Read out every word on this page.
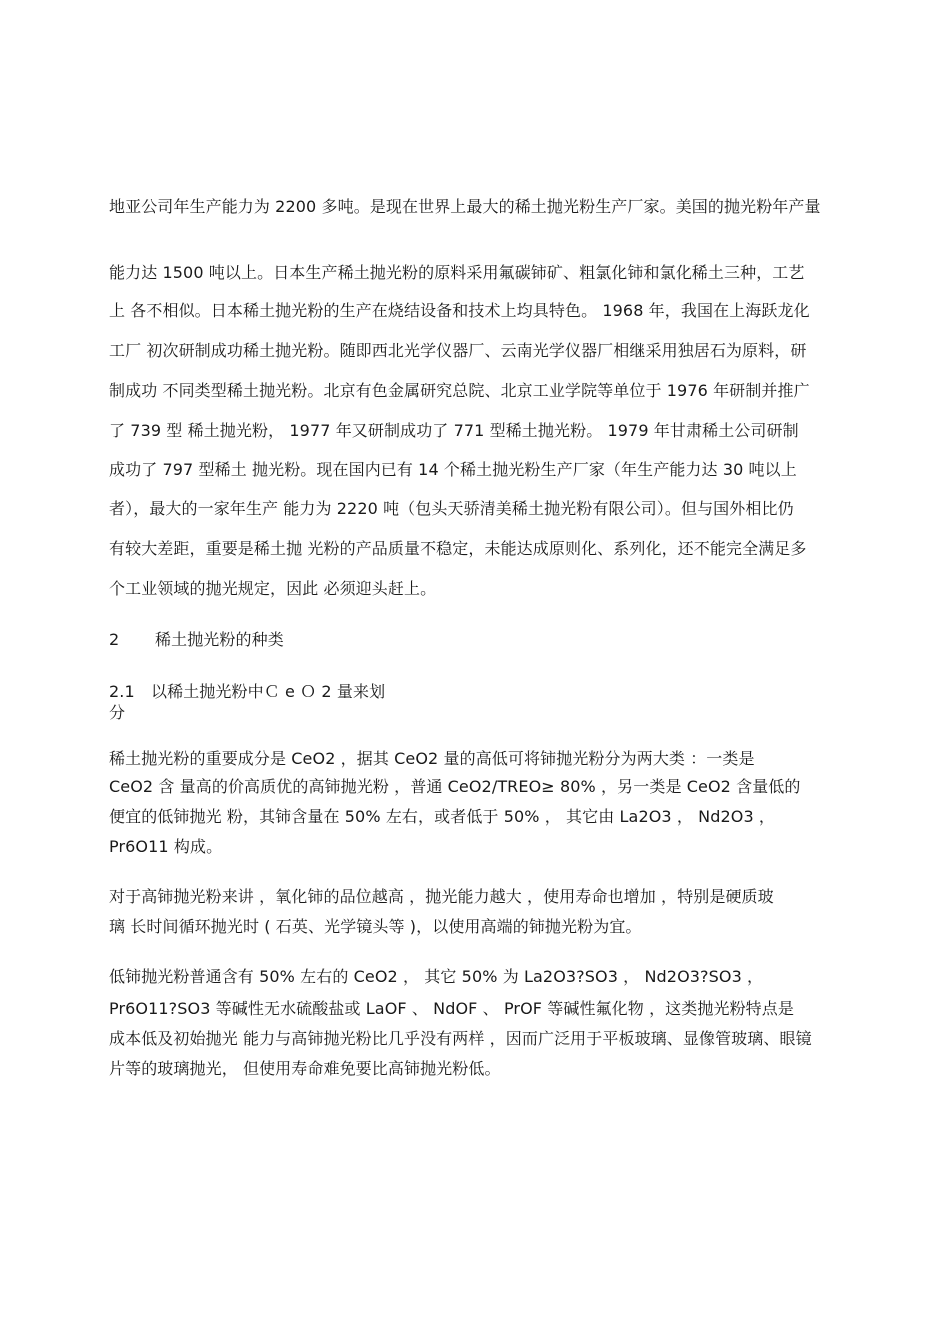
地亚公司年生产能力为 2200 多吨。是现在世界上最大的稀土抛光粉生产厂家。美国的抛光粉年产量
能力达 1500 吨以上。日本生产稀土抛光粉的原料采用氟碳铈矿、粗氯化铈和氯化稀土三种，工艺
上 各不相似。日本稀土抛光粉的生产在烧结设备和技术上均具特色。 1968 年，我国在上海跃龙化
工厂 初次研制成功稀土抛光粉。随即西北光学仪器厂、云南光学仪器厂相继采用独居石为原料，研
制成功 不同类型稀土抛光粉。北京有色金属研究总院、北京工业学院等单位于 1976 年研制并推广
了 739 型 稀土抛光粉， 1977 年又研制成功了 771 型稀土抛光粉。 1979 年甘肃稀土公司研制
成功了 797 型稀土 抛光粉。现在国内已有 14 个稀土抛光粉生产厂家（年生产能力达 30 吨以上
者），最大的一家年生产 能力为 2220 吨（包头天骄清美稀土抛光粉有限公司）。但与国外相比仍
有较大差距，重要是稀土抛 光粉的产品质量不稳定，未能达成原则化、系列化，还不能完全满足多
个工业领域的抛光规定，因此 必须迎头赶上。
2 稀土抛光粉的种类
2.1 以稀土抛光粉中Ｃ e Ｏ 2 量来划
分
稀土抛光粉的重要成分是 CeO2 ，据其 CeO2 量的高低可将铈抛光粉分为两大类 ：一类是
CeO2 含 量高的价高质优的高铈抛光粉 ，普通 CeO2/TREO≥ 80% ，另一类是 CeO2 含量低的
便宜的低铈抛光 粉，其铈含量在 50% 左右，或者低于 50% ， 其它由 La2O3 ， Nd2O3 ，
Pr6O11 构成。
对于高铈抛光粉来讲 ，氧化铈的品位越高 ，抛光能力越大 ，使用寿命也增加 ，特别是硬质玻
璃 长时间循环抛光时 ( 石英、光学镜头等 )，以使用高端的铈抛光粉为宜。
低铈抛光粉普通含有 50% 左右的 CeO2 ， 其它 50% 为 La2O3?SO3 ， Nd2O3?SO3 ，
Pr6O11?SO3 等碱性无水硫酸盐或 LaOF 、 NdOF 、 PrOF 等碱性氟化物 ，这类抛光粉特点是
成本低及初始抛光 能力与高铈抛光粉比几乎没有两样 ，因而广泛用于平板玻璃、显像管玻璃、眼镜
片等的玻璃抛光， 但使用寿命难免要比高铈抛光粉低。
